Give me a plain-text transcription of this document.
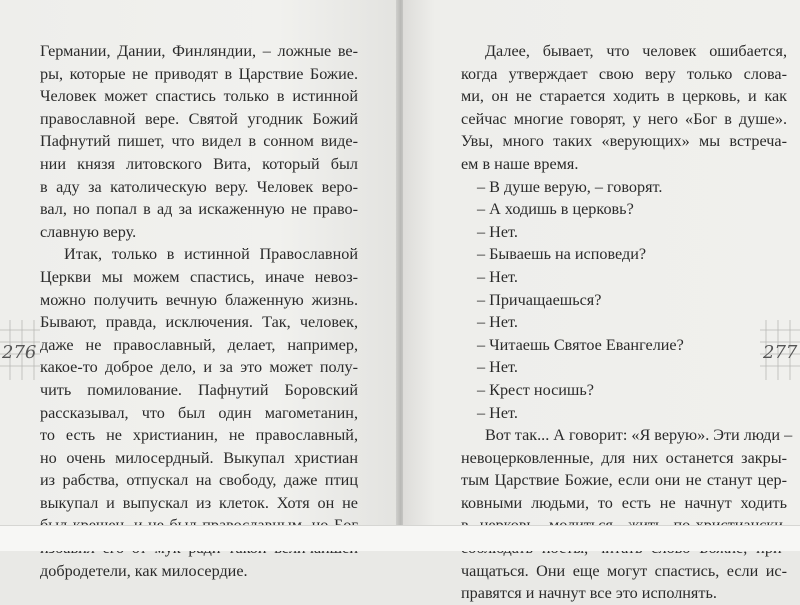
276
Германии, Дании, Финляндии, – ложные ве-
ры, которые не приводят в Царствие Божие.
Человек может спастись только в истинной
православной вере. Святой угодник Божий
Пафнутий пишет, что видел в сонном виде-
нии князя литовского Вита, который был
в аду за католическую веру. Человек веро-
вал, но попал в ад за искаженную не право-
славную веру.
Итак, только в истинной Православной
Церкви мы можем спастись, иначе невоз-
можно получить вечную блаженную жизнь.
Бывают, правда, исключения. Так, человек,
даже не православный, делает, например,
какое-то доброе дело, и за это может полу-
чить помилование. Пафнутий Боровский
рассказывал, что был один магометанин,
то есть не христианин, не православный,
но очень милосердный. Выкупал христиан
из рабства, отпускал на свободу, даже птиц
выкупал и выпускал из клеток. Хотя он не
добродетели, как милосердие.
277
Далее, бывает, что человек ошибается,
когда утверждает свою веру только слова-
ми, он не старается ходить в церковь, и как
сейчас многие говорят, у него «Бог в душе».
Увы, много таких «верующих» мы встреча-
ем в наше время.
– В душе верую, – говорят.
– А ходишь в церковь?
– Нет.
– Бываешь на исповеди?
– Нет.
– Причащаешься?
– Нет.
– Читаешь Святое Евангелие?
– Нет.
– Крест носишь?
– Нет.
Вот так... А говорит: «Я верую». Эти люди –
невоцерковленные, для них останется закры-
тым Царствие Божие, если они не станут цер-
ковными людьми, то есть не начнут ходить
чащаться. Они еще могут спастись, если ис-
правятся и начнут все это исполнять.
